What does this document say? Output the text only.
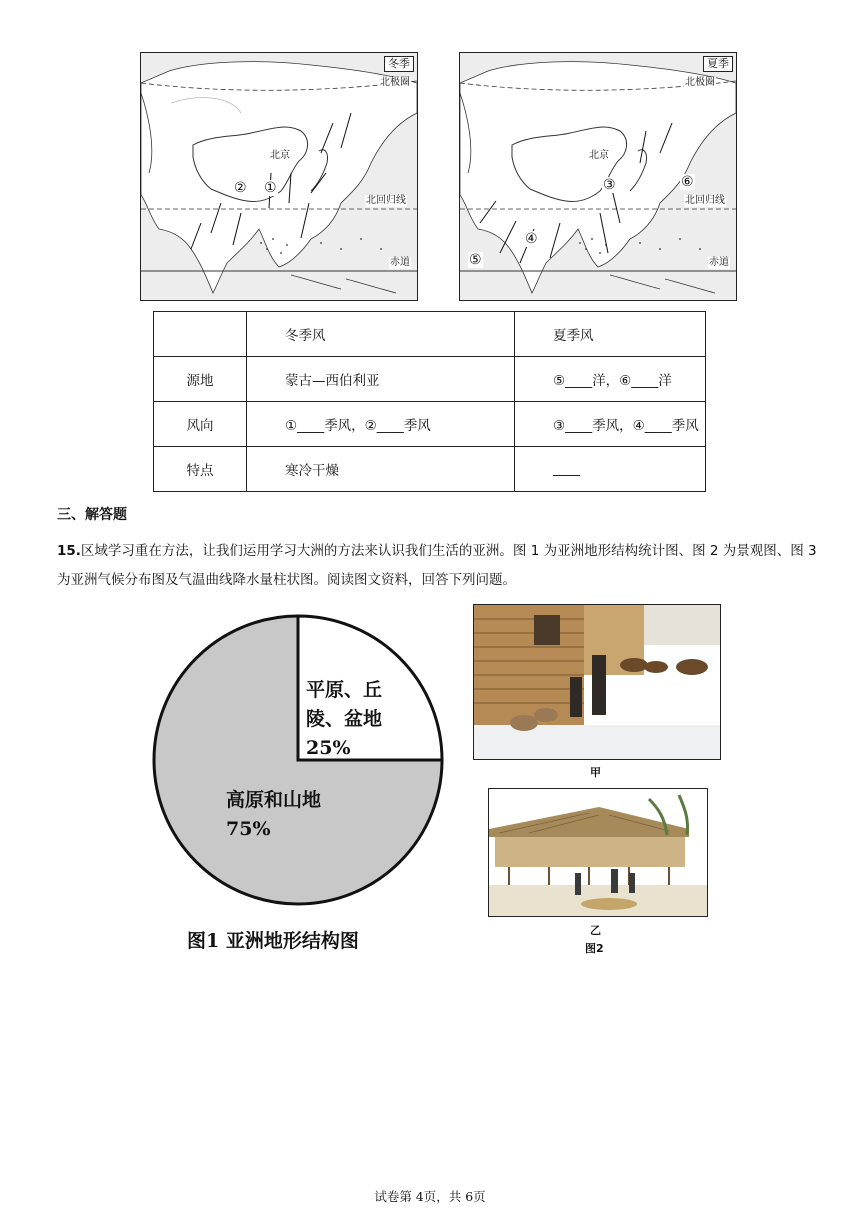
冬季
北极圈
北京
北回归线
赤道
② ①
夏季
北极圈
北京
北回归线
赤道
③	⑥
④
⑤
	冬季风	夏季风
源地	蒙古—西伯利亚	⑤____洋，⑥____洋
风向	①____季风，②____季风	③____季风，④____季风
特点	寒冷干燥	____
三、解答题
15.区域学习重在方法，让我们运用学习大洲的方法来认识我们生活的亚洲。图 1 为亚洲地形结构统计图、图 2 为景观图、图 3 为亚洲气候分布图及气温曲线降水量柱状图。阅读图文资料，回答下列问题。
平原、丘
陵、盆地
25%
高原和山地
75%
图1 亚洲地形结构图
甲
乙
图2
试卷第 4页，共 6页
